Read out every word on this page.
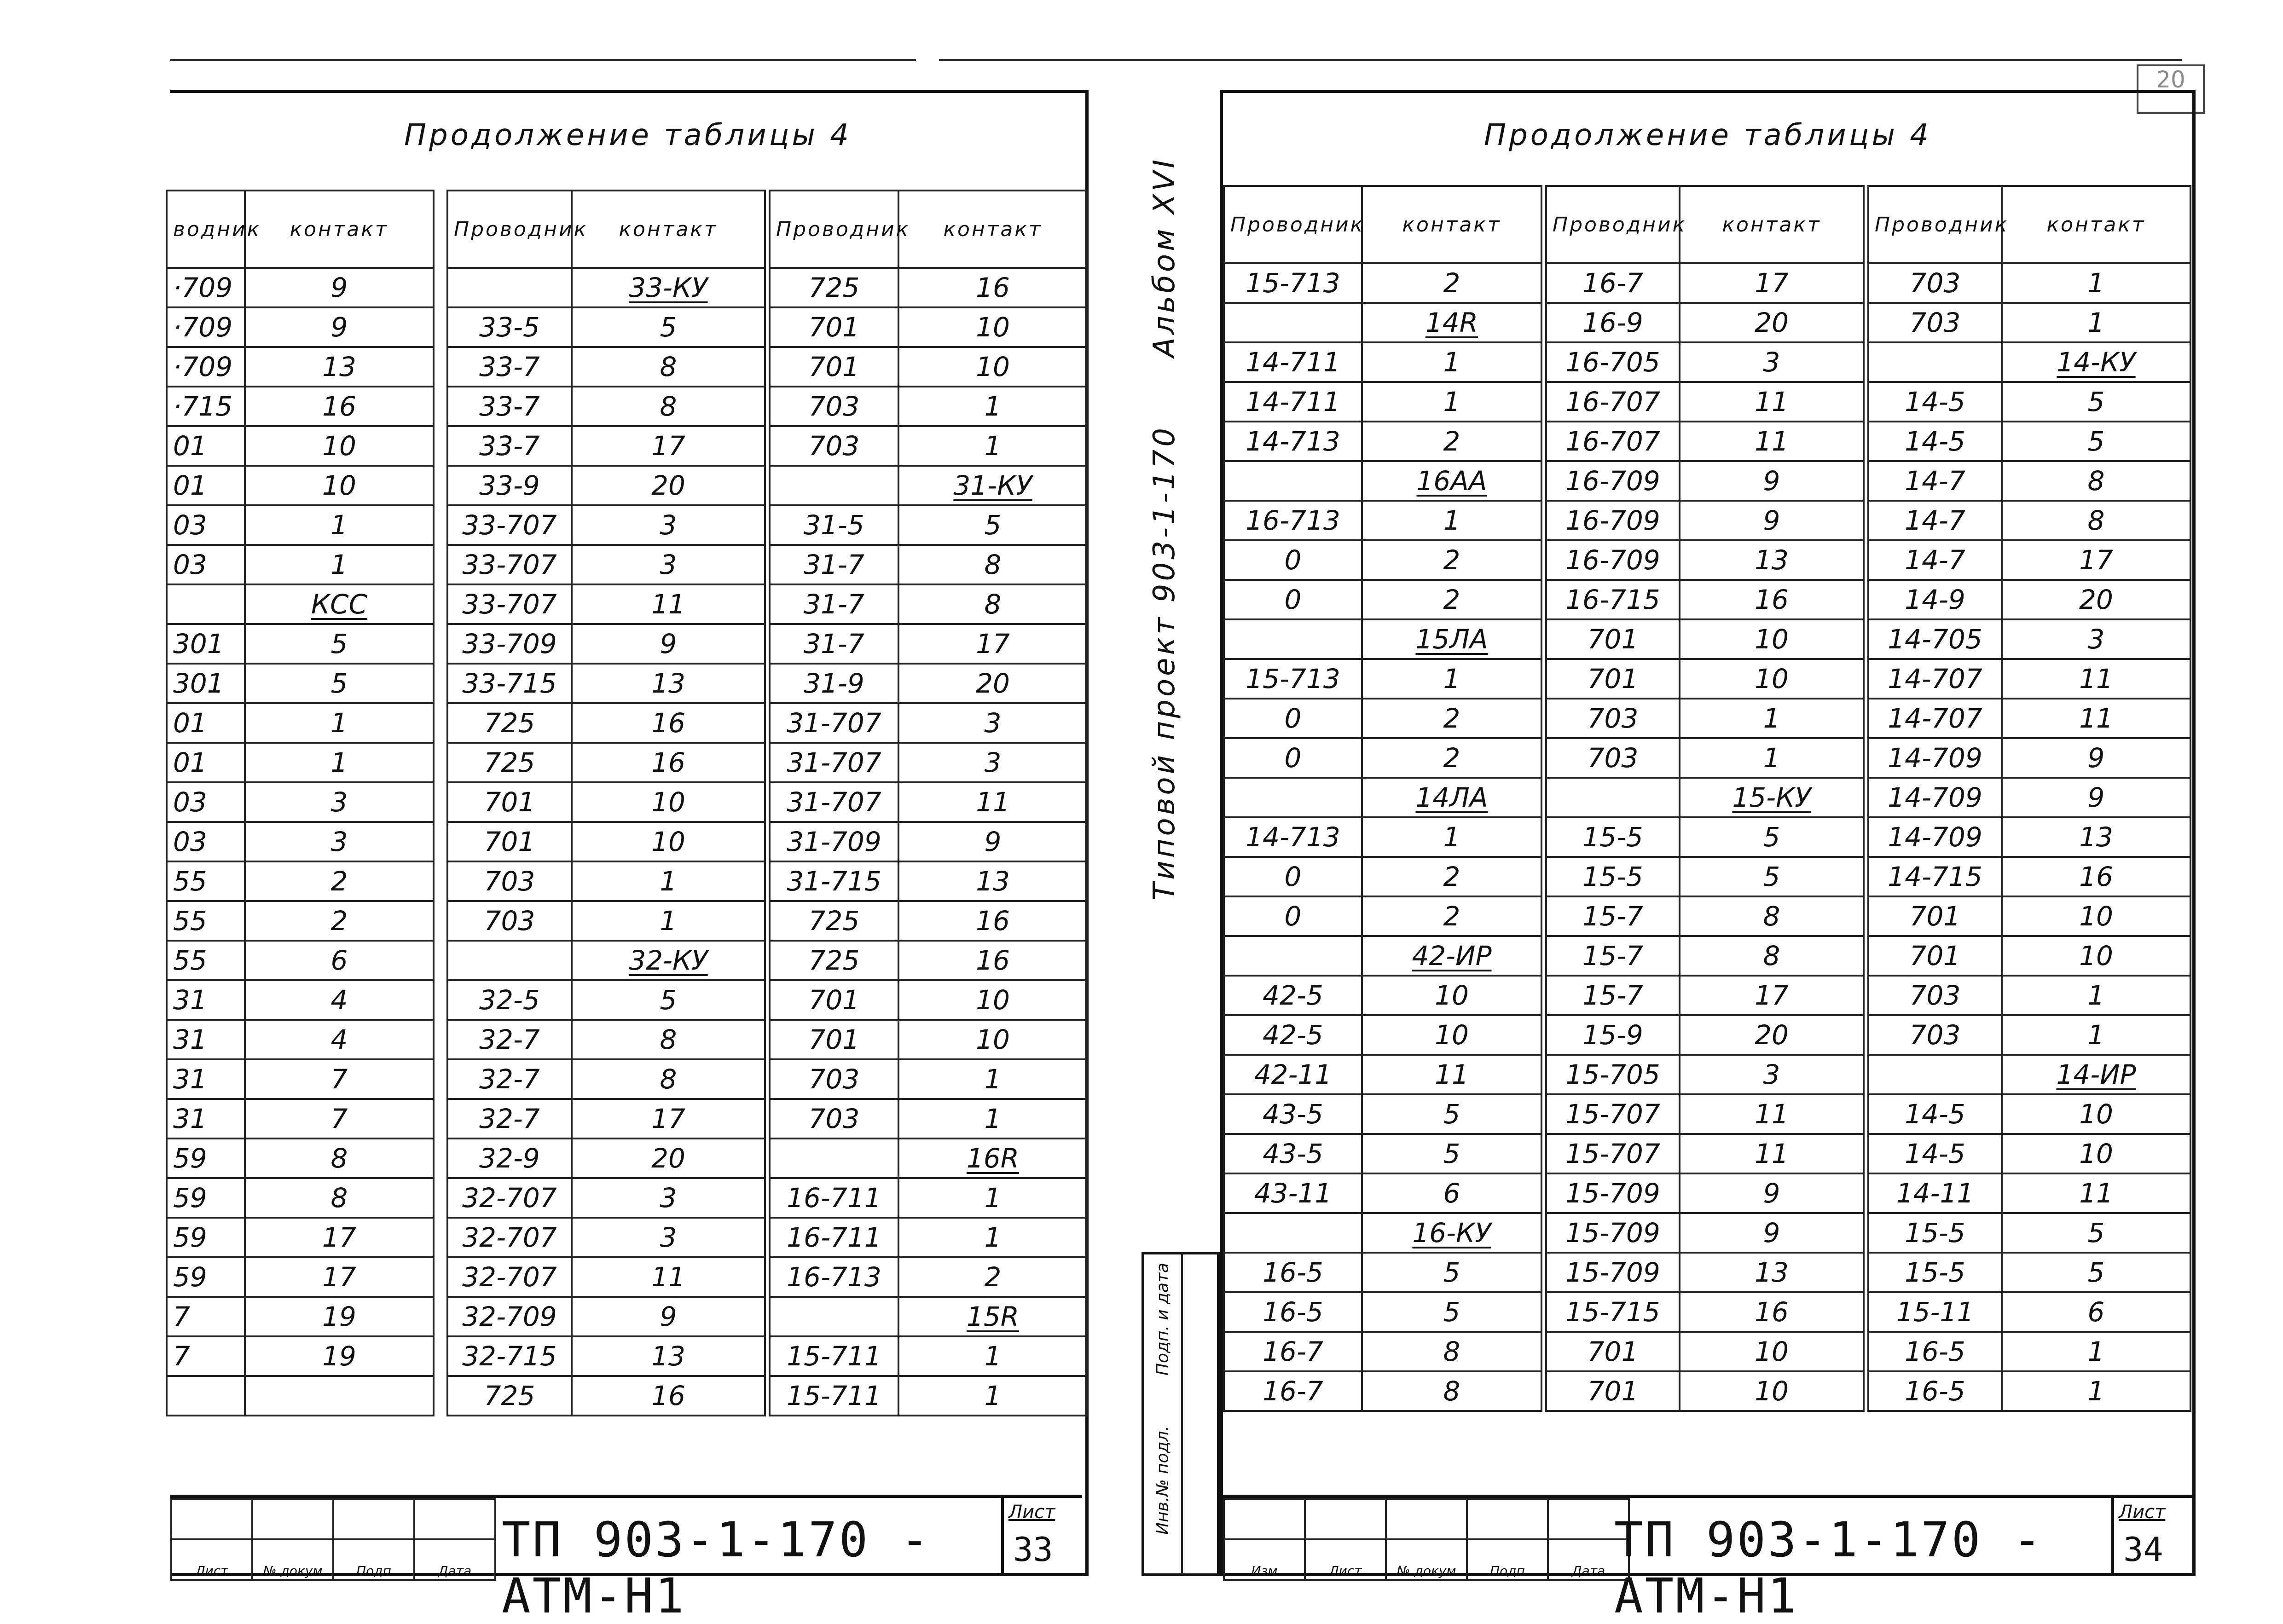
20
Продолжение таблицы 4
водник	контакт
·709	9
·709	9
·709	13
·715	16
01	10
01	10
03	1
03	1
	КСС
301	5
301	5
01	1
01	1
03	3
03	3
55	2
55	2
55	6
31	4
31	4
31	7
31	7
59	8
59	8
59	17
59	17
7	19
7	19

Проводник	контакт
	33-КУ
33-5	5
33-7	8
33-7	8
33-7	17
33-9	20
33-707	3
33-707	3
33-707	11
33-709	9
33-715	13
725	16
725	16
701	10
701	10
703	1
703	1
	32-КУ
32-5	5
32-7	8
32-7	8
32-7	17
32-9	20
32-707	3
32-707	3
32-707	11
32-709	9
32-715	13
725	16
Проводник	контакт
725	16
701	10
701	10
703	1
703	1
	31-КУ
31-5	5
31-7	8
31-7	8
31-7	17
31-9	20
31-707	3
31-707	3
31-707	11
31-709	9
31-715	13
725	16
725	16
701	10
701	10
703	1
703	1
	16R
16-711	1
16-711	1
16-713	2
	15R
15-711	1
15-711	1

Лист	№ докум	Подп	Дата
ТП 903-1-170 - АТМ-Н1
Лист
33
Альбом XVI
Типовой проект 903-1-170
Инв.№ подл.
Подп. и дата
Продолжение таблицы 4
Проводник	контакт
15-713	2
	14R
14-711	1
14-711	1
14-713	2
	16АА
16-713	1
0	2
0	2
	15ЛА
15-713	1
0	2
0	2
	14ЛА
14-713	1
0	2
0	2
	42-ИР
42-5	10
42-5	10
42-11	11
43-5	5
43-5	5
43-11	6
	16-КУ
16-5	5
16-5	5
16-7	8
16-7	8
Проводник	контакт
16-7	17
16-9	20
16-705	3
16-707	11
16-707	11
16-709	9
16-709	9
16-709	13
16-715	16
701	10
701	10
703	1
703	1
	15-КУ
15-5	5
15-5	5
15-7	8
15-7	8
15-7	17
15-9	20
15-705	3
15-707	11
15-707	11
15-709	9
15-709	9
15-709	13
15-715	16
701	10
701	10
Проводник	контакт
703	1
703	1
	14-КУ
14-5	5
14-5	5
14-7	8
14-7	8
14-7	17
14-9	20
14-705	3
14-707	11
14-707	11
14-709	9
14-709	9
14-709	13
14-715	16
701	10
701	10
703	1
703	1
	14-ИР
14-5	10
14-5	10
14-11	11
15-5	5
15-5	5
15-11	6
16-5	1
16-5	1

Изм	Лист	№ докум	Подп	Дата
ТП 903-1-170 - АТМ-Н1
Лист
34
